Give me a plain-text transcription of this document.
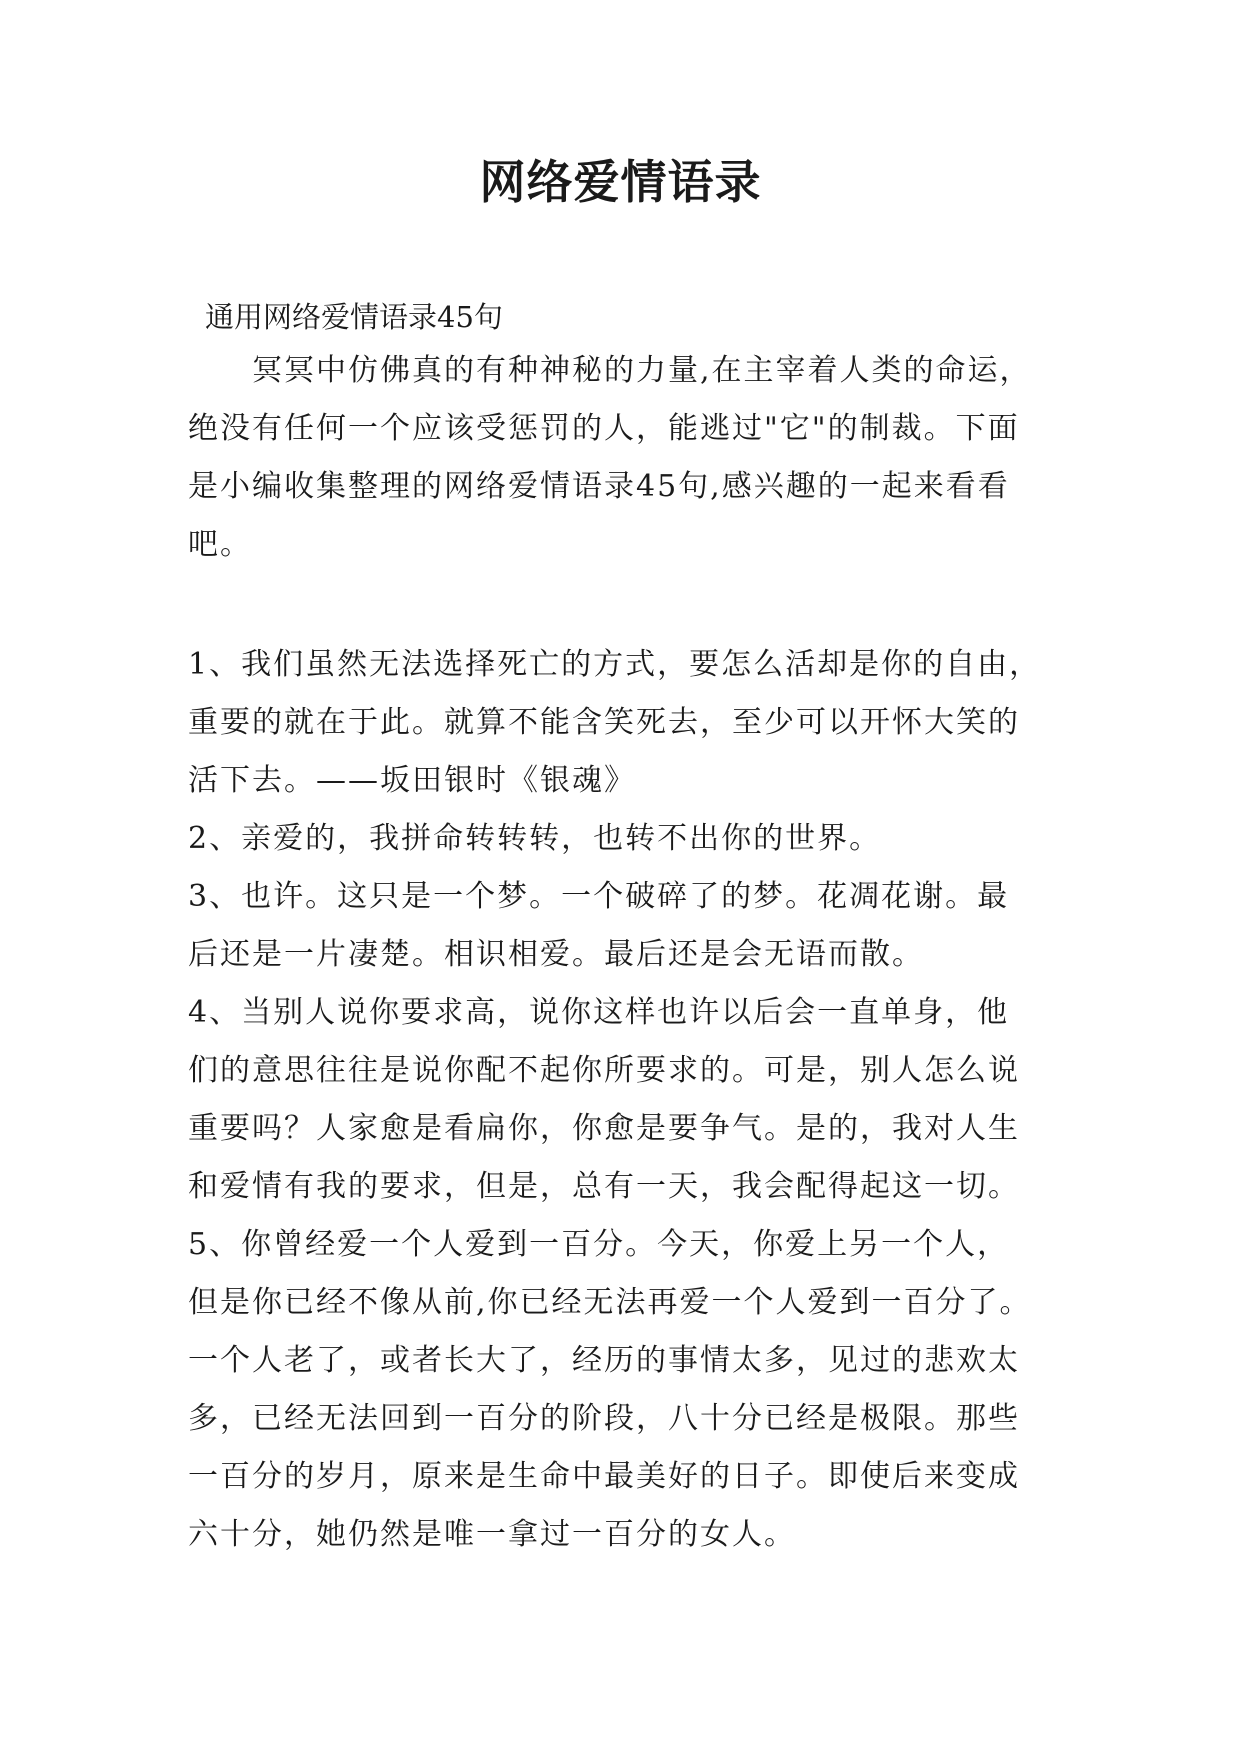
网络爱情语录
通用网络爱情语录45句
　　冥冥中仿佛真的有种神秘的力量,在主宰着人类的命运，
绝没有任何一个应该受惩罚的人，能逃过"它"的制裁。下面
是小编收集整理的网络爱情语录45句,感兴趣的一起来看看
吧。
1、我们虽然无法选择死亡的方式，要怎么活却是你的自由，
重要的就在于此。就算不能含笑死去，至少可以开怀大笑的
活下去。——坂田银时《银魂》
2、亲爱的，我拼命转转转，也转不出你的世界。
3、也许。这只是一个梦。一个破碎了的梦。花凋花谢。最
后还是一片凄楚。相识相爱。最后还是会无语而散。
4、当别人说你要求高，说你这样也许以后会一直单身，他
们的意思往往是说你配不起你所要求的。可是，别人怎么说
重要吗？人家愈是看扁你，你愈是要争气。是的，我对人生
和爱情有我的要求，但是，总有一天，我会配得起这一切。
5、你曾经爱一个人爱到一百分。今天，你爱上另一个人，
但是你已经不像从前,你已经无法再爱一个人爱到一百分了。
一个人老了，或者长大了，经历的事情太多，见过的悲欢太
多，已经无法回到一百分的阶段，八十分已经是极限。那些
一百分的岁月，原来是生命中最美好的日子。即使后来变成
六十分，她仍然是唯一拿过一百分的女人。
